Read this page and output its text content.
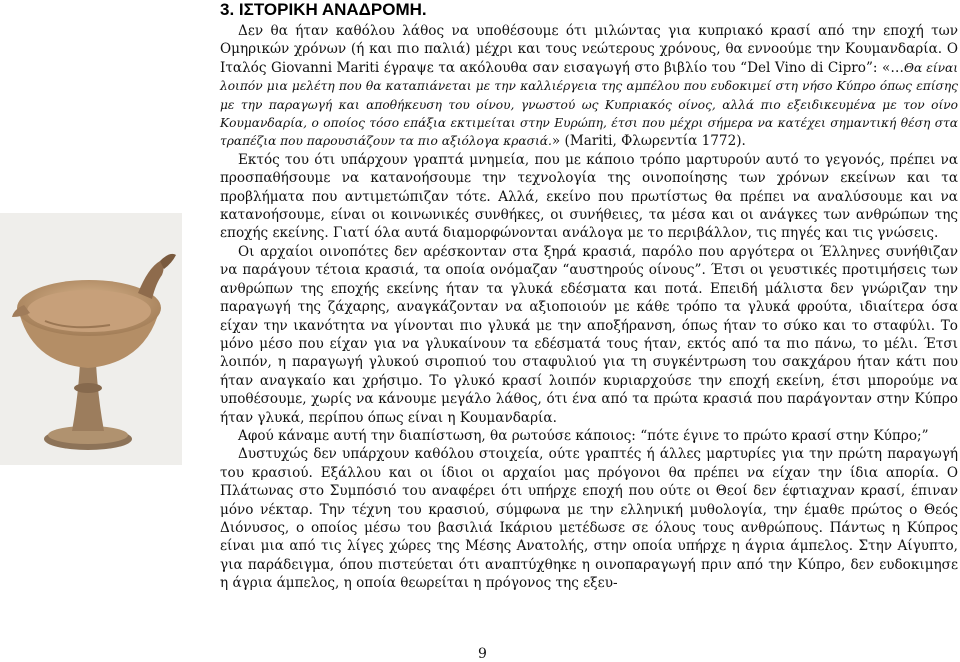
3. ΙΣΤΟΡΙΚΗ ΑΝΑΔΡΟΜΗ.

Δεν θα ήταν καθόλου λάθος να υποθέσουμε ότι μιλώντας για κυπριακό κρασί από την εποχή των Ομηρικών χρόνων (ή και πιο παλιά) μέχρι και τους νεώτερους χρόνους, θα εννοούμε την Κουμανδαρία. Ο Ιταλός Giovanni Mariti έγραψε τα ακόλουθα σαν εισαγωγή στο βιβλίο του “Del Vino di Cipro”: «…Θα είναι λοιπόν μια μελέτη που θα καταπιάνεται με την καλλιέργεια της αμπέλου που ευδοκιμεί στη νήσο Κύπρο όπως επίσης με την παραγωγή και αποθήκευση του οίνου, γνωστού ως Κυπριακός οίνος, αλλά πιο εξειδικευμένα με τον οίνο Κουμανδαρία, ο οποίος τόσο επάξια εκτιμείται στην Ευρώπη, έτσι που μέχρι σήμερα να κατέχει σημαντική θέση στα τραπέζια που παρουσιάζουν τα πιο αξιόλογα κρασιά.» (Mariti, Φλωρεντία 1772).

Εκτός του ότι υπάρχουν γραπτά μνημεία, που με κάποιο τρόπο μαρτυρούν αυτό το γεγονός, πρέπει να προσπαθήσουμε να κατανοήσουμε την τεχνολογία της οινοποίησης των χρόνων εκείνων και τα προβλήματα που αντιμετώπιζαν τότε. Αλλά, εκείνο που πρωτίστως θα πρέπει να αναλύσουμε και να κατανοήσουμε, είναι οι κοινωνικές συνθήκες, οι συνήθειες, τα μέσα και οι ανάγκες των ανθρώπων της εποχής εκείνης. Γιατί όλα αυτά διαμορφώνονται ανάλογα με το περιβάλλον, τις πηγές και τις γνώσεις.

Οι αρχαίοι οινοπότες δεν αρέσκονταν στα ξηρά κρασιά, παρόλο που αργότερα οι Έλληνες συνήθιζαν να παράγουν τέτοια κρασιά, τα οποία ονόμαζαν “αυστηρούς οίνους”. Έτσι οι γευστικές προτιμήσεις των ανθρώπων της εποχής εκείνης ήταν τα γλυκά εδέσματα και ποτά. Επειδή μάλιστα δεν γνώριζαν την παραγωγή της ζάχαρης, αναγκάζονταν να αξιοποιούν με κάθε τρόπο τα γλυκά φρούτα, ιδιαίτερα όσα είχαν την ικανότητα να γίνονται πιο γλυκά με την αποξήρανση, όπως ήταν το σύκο και το σταφύλι. Το μόνο μέσο που είχαν για να γλυκαίνουν τα εδέσματά τους ήταν, εκτός από τα πιο πάνω, το μέλι. Έτσι λοιπόν, η παραγωγή γλυκού σιροπιού του σταφυλιού για τη συγκέντρωση του σακχάρου ήταν κάτι που ήταν αναγκαίο και χρήσιμο. Το γλυκό κρασί λοιπόν κυριαρχούσε την εποχή εκείνη, έτσι μπορούμε να υποθέσουμε, χωρίς να κάνουμε μεγάλο λάθος, ότι ένα από τα πρώτα κρασιά που παράγονταν στην Κύπρο ήταν γλυκά, περίπου όπως είναι η Κουμανδαρία.

Αφού κάναμε αυτή την διαπίστωση, θα ρωτούσε κάποιος: “πότε έγινε το πρώτο κρασί στην Κύπρο;”

Δυστυχώς δεν υπάρχουν καθόλου στοιχεία, ούτε γραπτές ή άλλες μαρτυρίες για την πρώτη παραγωγή του κρασιού. Εξάλλου και οι ίδιοι οι αρχαίοι μας πρόγονοι θα πρέπει να είχαν την ίδια απορία. Ο Πλάτωνας στο Συμπόσιό του αναφέρει ότι υπήρχε εποχή που ούτε οι Θεοί δεν έφτιαχναν κρασί, έπιναν μόνο νέκταρ. Την τέχνη του κρασιού, σύμφωνα με την ελληνική μυθολογία, την έμαθε πρώτος ο Θεός Διόνυσος, ο οποίος μέσω του βασιλιά Ικάριου μετέδωσε σε όλους τους ανθρώπους. Πάντως η Κύπρος είναι μια από τις λίγες χώρες της Μέσης Ανατολής, στην οποία υπήρχε η άγρια άμπελος. Στην Αίγυπτο, για παράδειγμα, όπου πιστεύεται ότι αναπτύχθηκε η οινοπαραγωγή πριν από την Κύπρο, δεν ευδοκιμησε η άγρια άμπελος, η οποία θεωρείται η πρόγονος της εξευ-

9
